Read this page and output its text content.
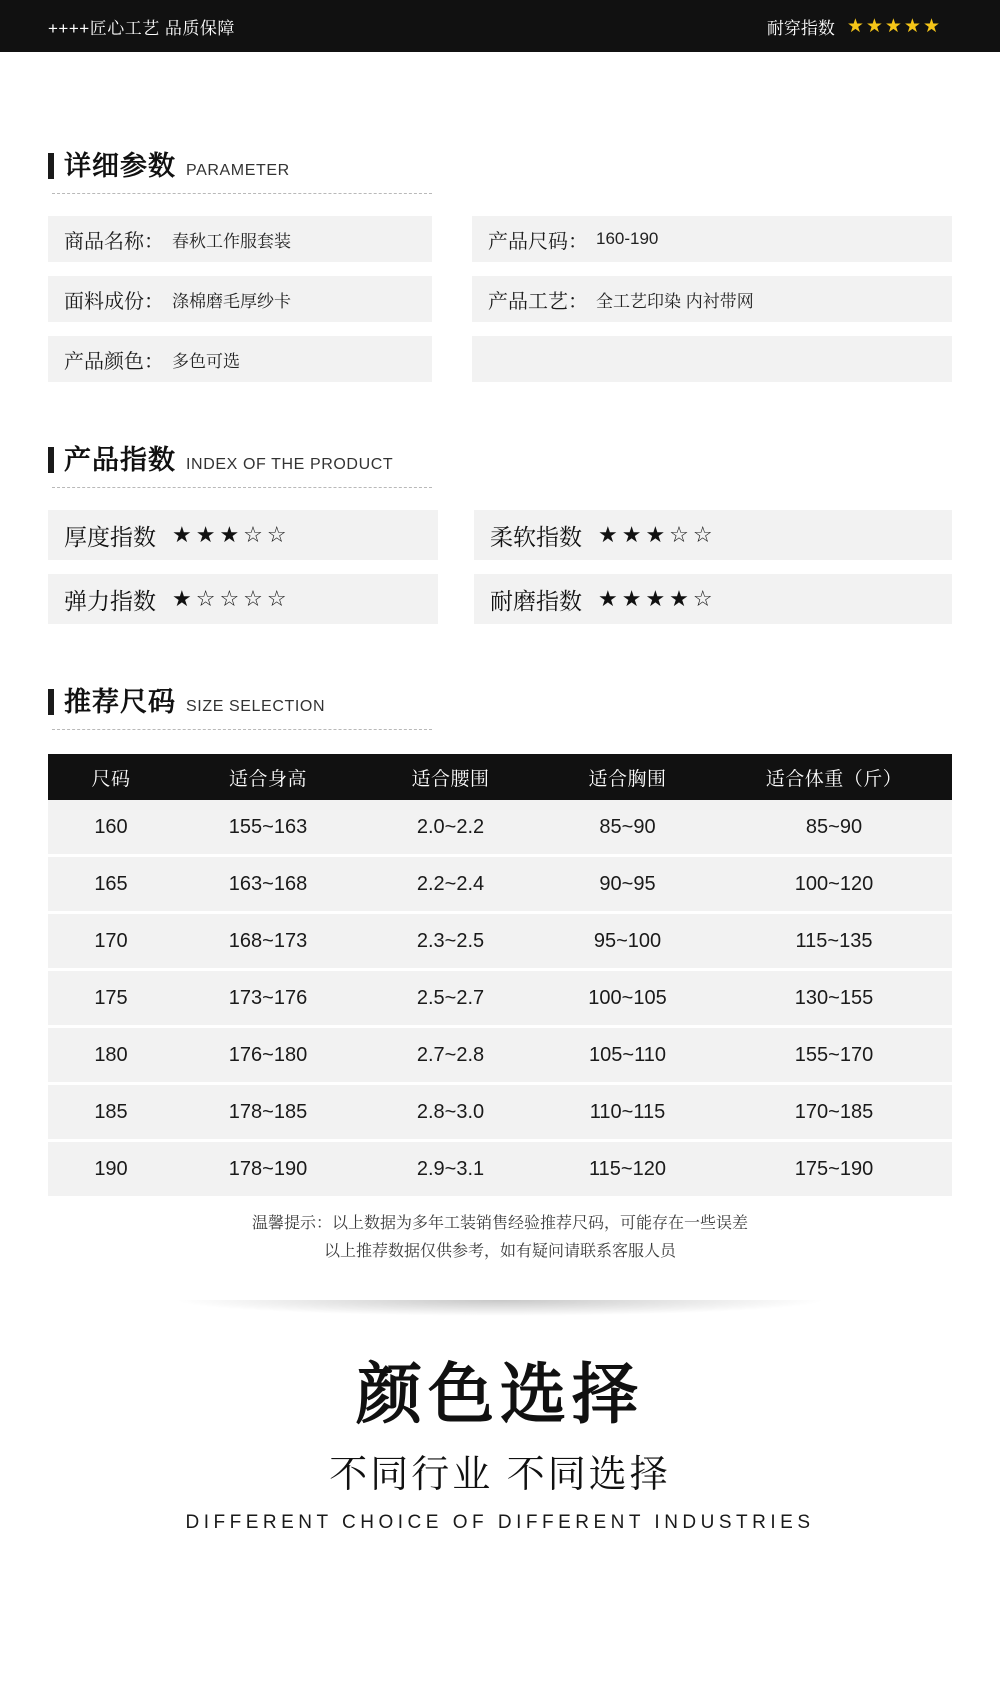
++++匠心工艺 品质保障	耐穿指数 ★★★★★
详细参数 PARAMETER
商品名称： 春秋工作服套装	产品尺码： 160-190
面料成份： 涤棉磨毛厚纱卡	产品工艺： 全工艺印染 内衬带网
产品颜色： 多色可选
产品指数 INDEX OF THE PRODUCT
厚度指数 ★★★☆☆	柔软指数 ★★★☆☆
弹力指数 ★☆☆☆☆	耐磨指数 ★★★★☆
推荐尺码 SIZE SELECTION
尺码	适合身高	适合腰围	适合胸围	适合体重（斤）
160	155~163	2.0~2.2	85~90	85~90
165	163~168	2.2~2.4	90~95	100~120
170	168~173	2.3~2.5	95~100	115~135
175	173~176	2.5~2.7	100~105	130~155
180	176~180	2.7~2.8	105~110	155~170
185	178~185	2.8~3.0	110~115	170~185
190	178~190	2.9~3.1	115~120	175~190
温馨提示：以上数据为多年工装销售经验推荐尺码，可能存在一些误差
以上推荐数据仅供参考，如有疑问请联系客服人员
颜色选择
不同行业 不同选择
DIFFERENT CHOICE OF DIFFERENT INDUSTRIES
